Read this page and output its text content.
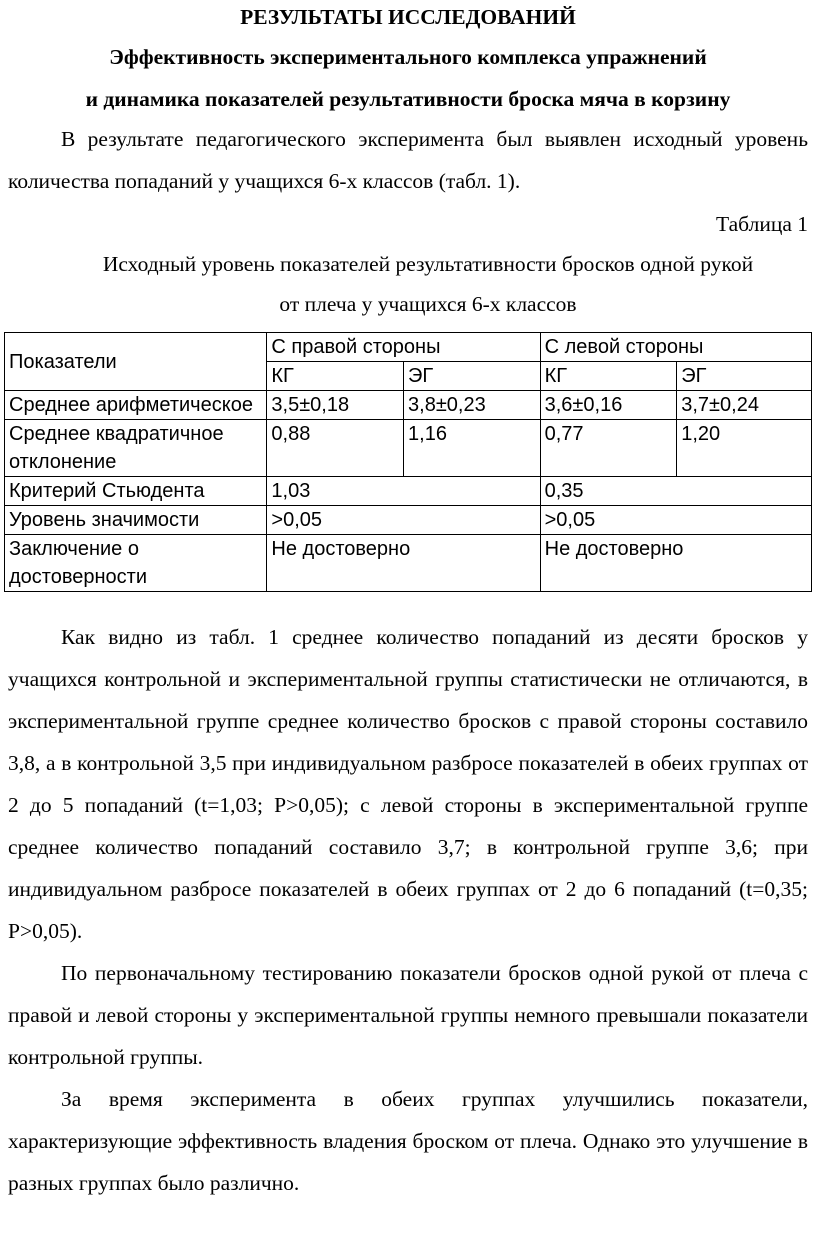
РЕЗУЛЬТАТЫ ИССЛЕДОВАНИЙ
Эффективность экспериментального комплекса упражнений
и динамика показателей результативности броска мяча в корзину

В результате педагогического эксперимента был выявлен исходный уровень количества попаданий у учащихся 6-х классов (табл. 1).

Таблица 1
Исходный уровень показателей результативности бросков одной рукой
от плеча у учащихся 6-х классов
Показатели	С правой стороны		С левой стороны	
	КГ	ЭГ	КГ	ЭГ
Среднее арифметическое	3,5±0,18	3,8±0,23	3,6±0,16	3,7±0,24
Среднее квадратичное отклонение	0,88	1,16	0,77	1,20
Критерий Стьюдента	1,03		0,35	
Уровень значимости	>0,05		>0,05	
Заключение о достоверности	Не достоверно		Не достоверно	

Как видно из табл. 1 среднее количество попаданий из десяти бросков у учащихся контрольной и экспериментальной группы статистически не отличаются, в экспериментальной группе среднее количество бросков с правой стороны составило 3,8, а в контрольной 3,5 при индивидуальном разбросе показателей в обеих группах от 2 до 5 попаданий (t=1,03; P>0,05); с левой стороны в экспериментальной группе среднее количество попаданий составило 3,7; в контрольной группе 3,6; при индивидуальном разбросе показателей в обеих группах от 2 до 6 попаданий (t=0,35; P>0,05).

По первоначальному тестированию показатели бросков одной рукой от плеча с правой и левой стороны у экспериментальной группы немного превышали показатели контрольной группы.

За время эксперимента в обеих группах улучшились показатели, характеризующие эффективность владения броском от плеча. Однако это улучшение в разных группах было различно.
